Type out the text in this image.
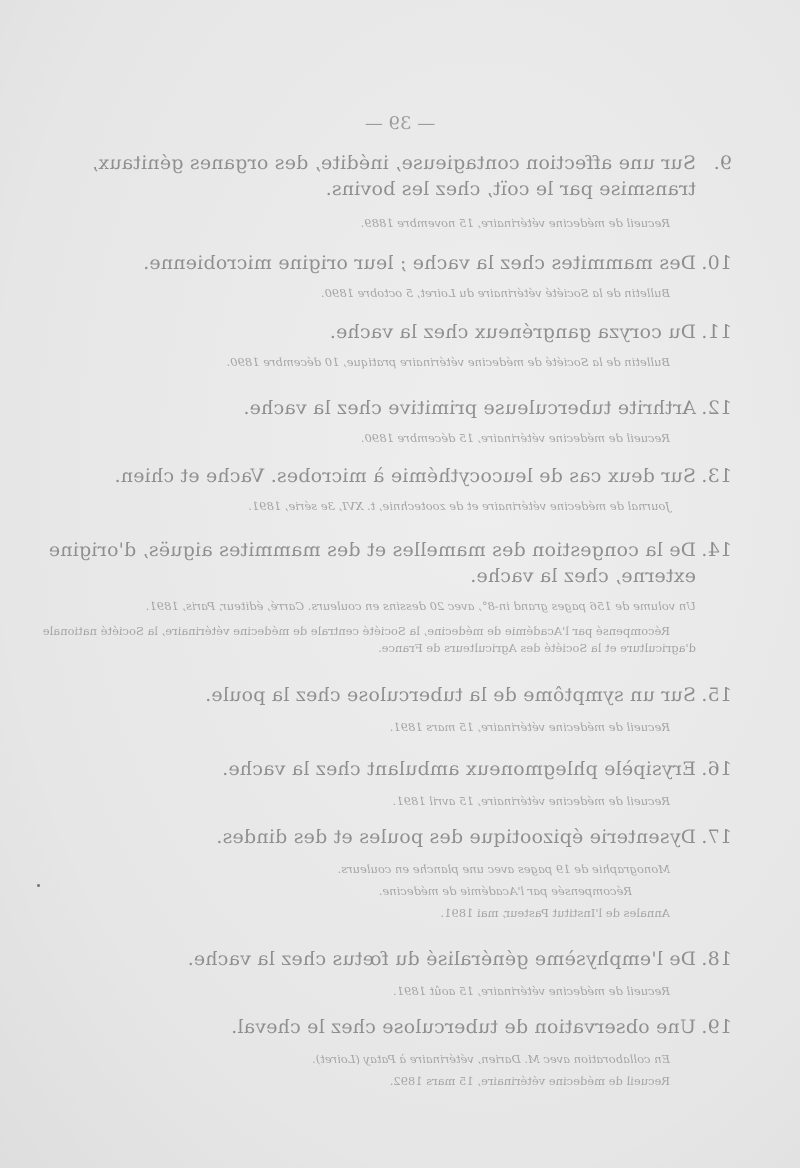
— 39 —
9.Sur une affection contagieuse, inédite, des organes génitaux, transmise par le coït, chez les bovins.
Recueil de médecine vétérinaire, 15 novembre 1889.
10.Des mammites chez la vache ; leur origine microbienne.
Bulletin de la Société vétérinaire du Loiret, 5 octobre 1890.
11.Du coryza gangréneux chez la vache.
Bulletin de la Société de médecine vétérinaire pratique, 10 décembre 1890.
12.Arthrite tuberculeuse primitive chez la vache.
Recueil de médecine vétérinaire, 15 décembre 1890.
13.Sur deux cas de leucocythémie à microbes. Vache et chien.
Journal de médecine vétérinaire et de zootechnie, t. XVI, 3e série, 1891.
14.De la congestion des mamelles et des mammites aiguës, d'origine externe, chez la vache.
Un volume de 156 pages grand in-8°, avec 20 dessins en couleurs. Carré, éditeur, Paris, 1891.
Récompensé par l'Académie de médecine, la Société centrale de médecine vétérinaire, la Société nationale d'agriculture et la Société des Agriculteurs de France.
15.Sur un symptôme de la tuberculose chez la poule.
Recueil de médecine vétérinaire, 15 mars 1891.
16.Erysipèle phlegmoneux ambulant chez la vache.
Recueil de médecine vétérinaire, 15 avril 1891.
17.Dysenterie épizootique des poules et des dindes.
Monographie de 19 pages avec une planche en couleurs.
Récompensée par l'Académie de médecine.
Annales de l'Institut Pasteur, mai 1891.
18.De l'emphysème généralisé du fœtus chez la vache.
Recueil de médecine vétérinaire, 15 août 1891.
19.Une observation de tuberculose chez le cheval.
En collaboration avec M. Darien, vétérinaire à Patay (Loiret).
Recueil de médecine vétérinaire, 15 mars 1892.
